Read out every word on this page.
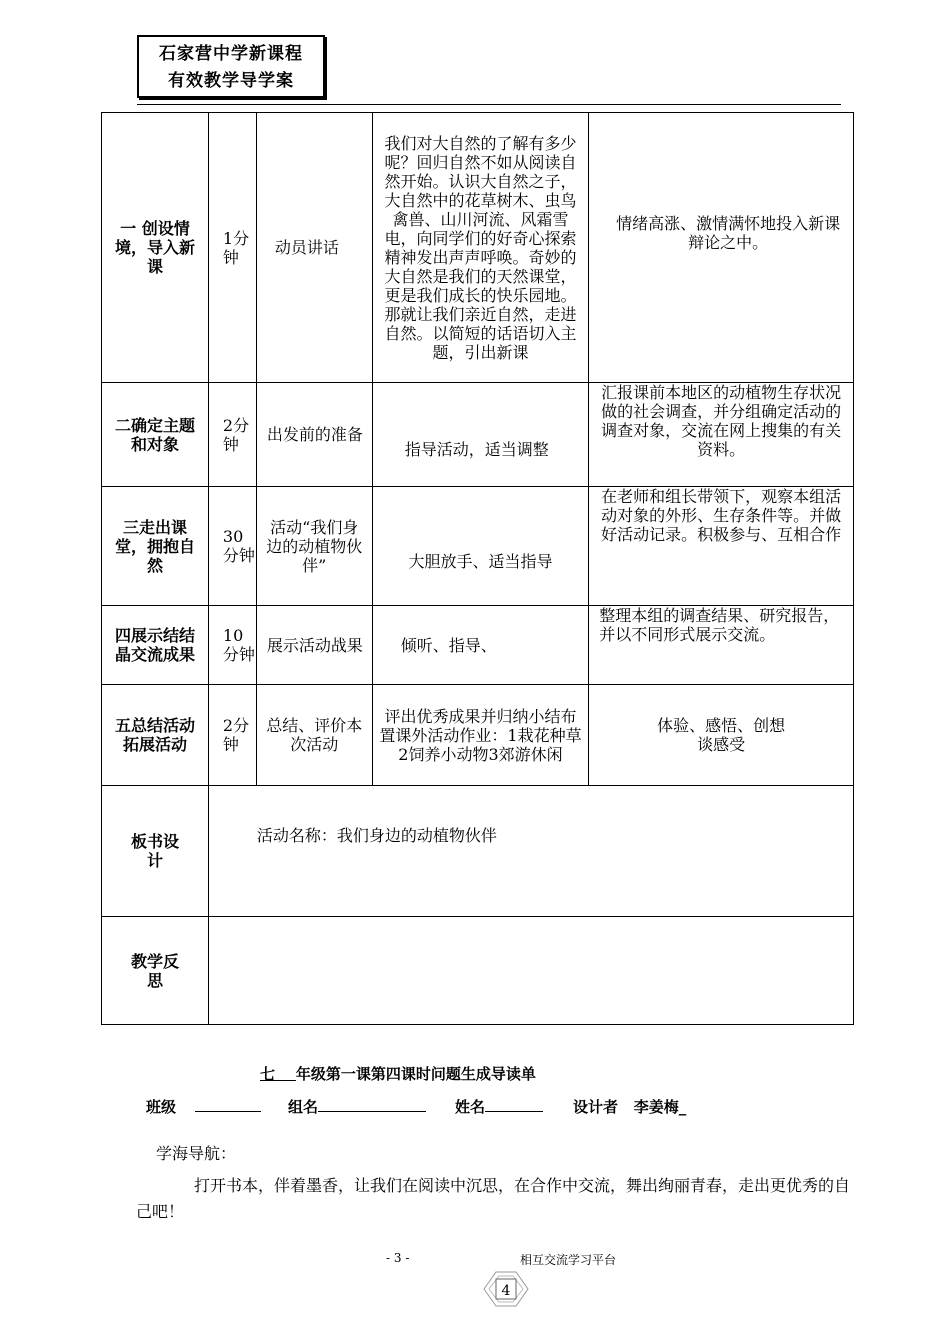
石家营中学新课程
有效教学导学案
一 创设情境，导入新课	1分钟	动员讲话	我们对大自然的了解有多少呢？回归自然不如从阅读自然开始。认识大自然之子，大自然中的花草树木、虫鸟禽兽、山川河流、风霜雪电，向同学们的好奇心探索精神发出声声呼唤。奇妙的大自然是我们的天然课堂，更是我们成长的快乐园地。那就让我们亲近自然，走进自然。以简短的话语切入主题，引出新课	情绪高涨、激情满怀地投入新课辩论之中。
二确定主题和对象	2分钟	出发前的准备	指导活动，适当调整	汇报课前本地区的动植物生存状况做的社会调查，并分组确定活动的调查对象，交流在网上搜集的有关资料。
三走出课堂，拥抱自然	30分钟	活动“我们身边的动植物伙伴”	大胆放手、适当指导	在老师和组长带领下，观察本组活动对象的外形、生存条件等。并做好活动记录。积极参与、互相合作
四展示结结晶交流成果	10分钟	展示活动战果	倾听、指导、	整理本组的调查结果、研究报告，并以不同形式展示交流。
五总结活动拓展活动	2分钟	总结、评价本次活动	评出优秀成果并归纳小结布置课外活动作业：1栽花种草2饲养小动物3郊游休闲	体验、感悟、创想 谈感受
板书设计	活动名称：我们身边的动植物伙伴			
教学反思				
七 年级第一课第四课时问题生成导读单
班级	组名	姓名	设计者 李姜梅_
学海导航：
打开书本，伴着墨香，让我们在阅读中沉思，在合作中交流，舞出绚丽青春，走出更优秀的自己吧！
- 3 -	相互交流学习平台
4
